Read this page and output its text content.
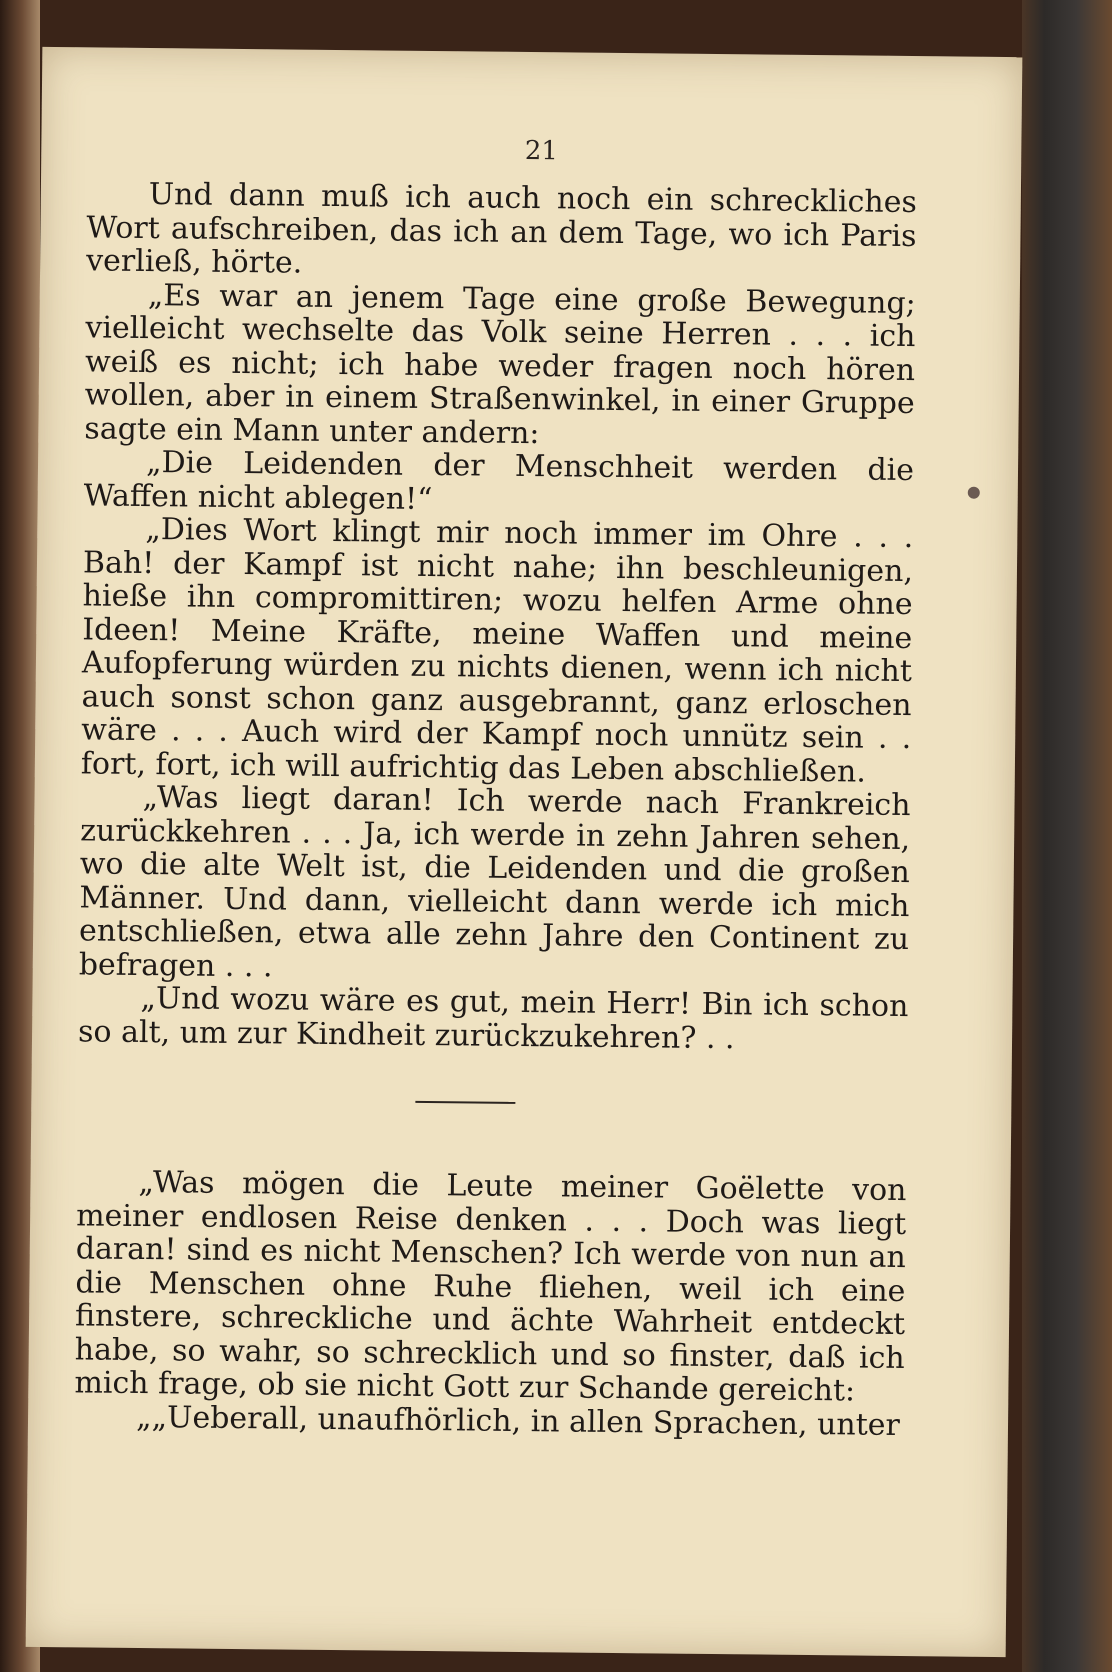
21

Und dann muß ich auch noch ein schreckliches Wort aufschreiben, das ich an dem Tage, wo ich Paris verließ, hörte.

„Es war an jenem Tage eine große Bewegung; vielleicht wechselte das Volk seine Herren . . . ich weiß es nicht; ich habe weder fragen noch hören wollen, aber in einem Straßenwinkel, in einer Gruppe sagte ein Mann unter andern:

„Die Leidenden der Menschheit werden die Waffen nicht ablegen!“

„Dies Wort klingt mir noch immer im Ohre . . . Bah! der Kampf ist nicht nahe; ihn beschleunigen, hieße ihn compromittiren; wozu helfen Arme ohne Ideen! Meine Kräfte, meine Waffen und meine Aufopferung würden zu nichts dienen, wenn ich nicht auch sonst schon ganz ausgebrannt, ganz erloschen wäre . . . Auch wird der Kampf noch unnütz sein . . fort, fort, ich will aufrichtig das Leben abschließen.

„Was liegt daran! Ich werde nach Frankreich zurückkehren . . . Ja, ich werde in zehn Jahren sehen, wo die alte Welt ist, die Leidenden und die großen Männer. Und dann, vielleicht dann werde ich mich entschließen, etwa alle zehn Jahre den Continent zu befragen . . .

„Und wozu wäre es gut, mein Herr! Bin ich schon so alt, um zur Kindheit zurückzukehren? . .

„Was mögen die Leute meiner Goëlette von meiner endlosen Reise denken . . . Doch was liegt daran! sind es nicht Menschen? Ich werde von nun an die Menschen ohne Ruhe fliehen, weil ich eine finstere, schreckliche und ächte Wahrheit entdeckt habe, so wahr, so schrecklich und so finster, daß ich mich frage, ob sie nicht Gott zur Schande gereicht:

„„Ueberall, unaufhörlich, in allen Sprachen, unter
